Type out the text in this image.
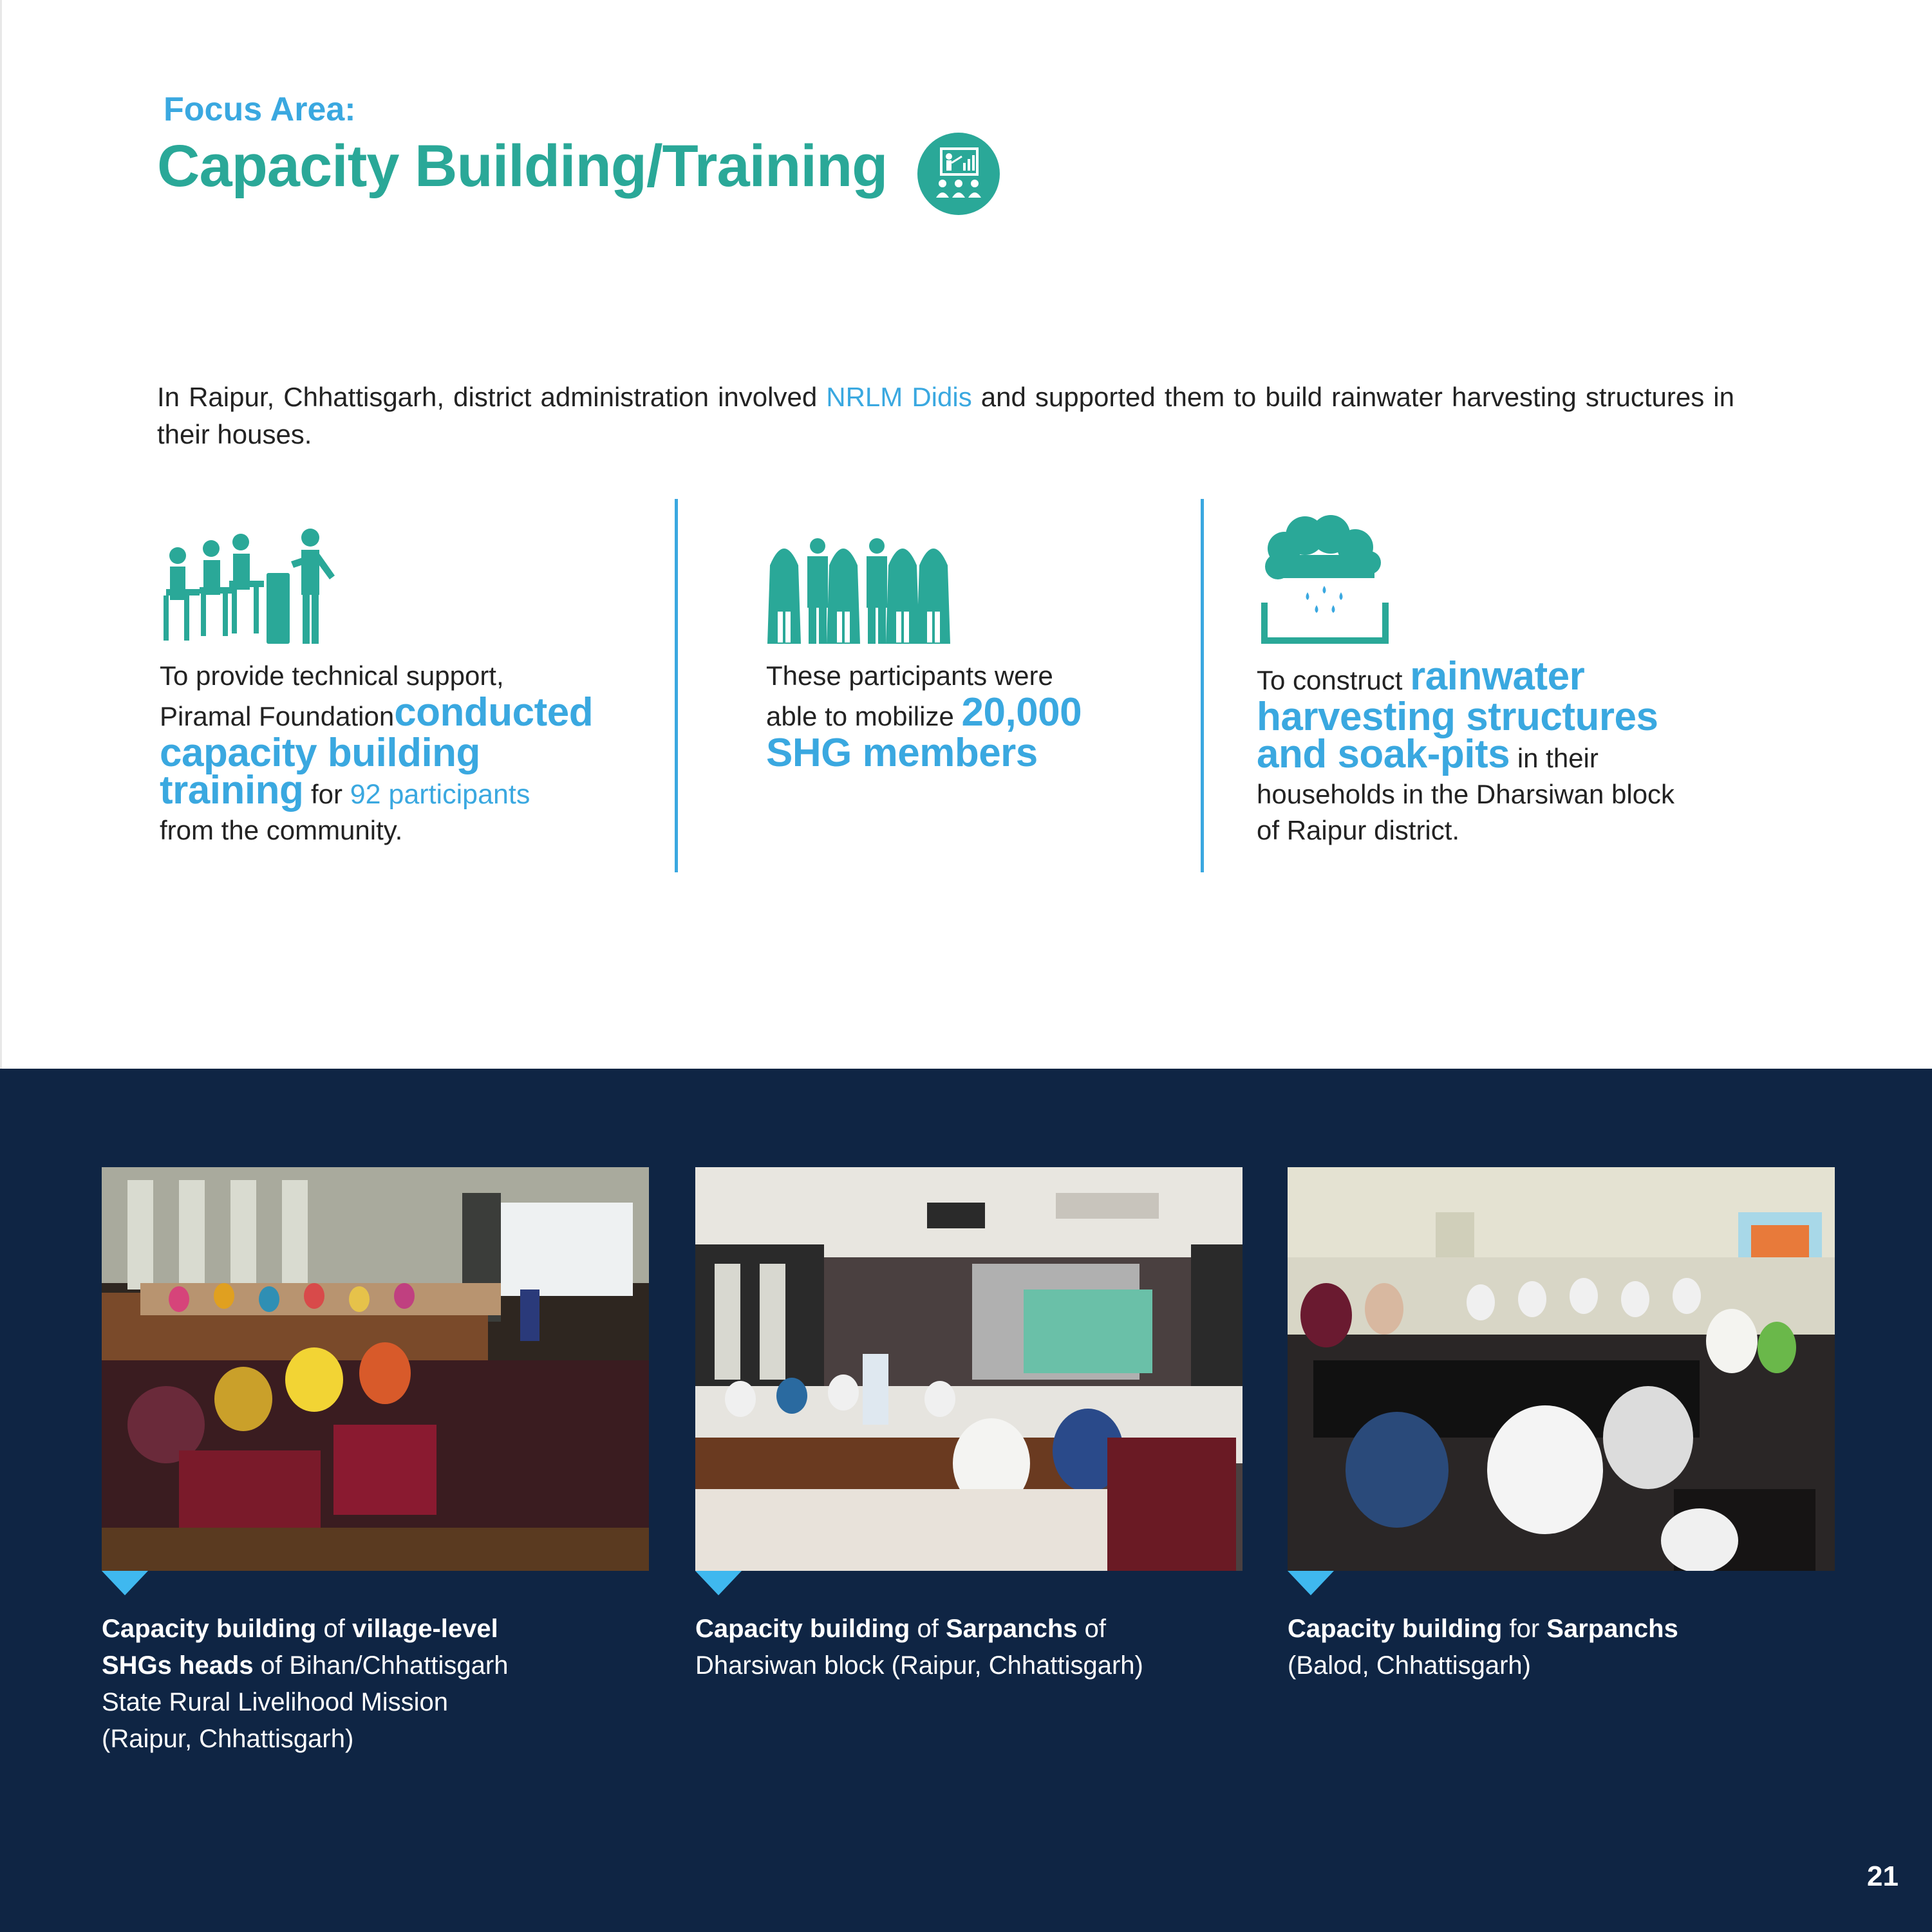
Focus Area:
Capacity Building/Training
In Raipur, Chhattisgarh, district administration involved NRLM Didis and supported them to build rainwater harvesting structures in their houses.
To provide technical support,
Piramal Foundationconducted
capacity building
training for 92 participants
from the community.
These participants were
able to mobilize 20,000
SHG members
To construct rainwater
harvesting structures
and soak-pits in their
households in the Dharsiwan block
of Raipur district.
Capacity building of village-level
SHGs heads of Bihan/Chhattisgarh
State Rural Livelihood Mission
(Raipur, Chhattisgarh)
Capacity building of Sarpanchs of
Dharsiwan block (Raipur, Chhattisgarh)
Capacity building for Sarpanchs
(Balod, Chhattisgarh)
21
